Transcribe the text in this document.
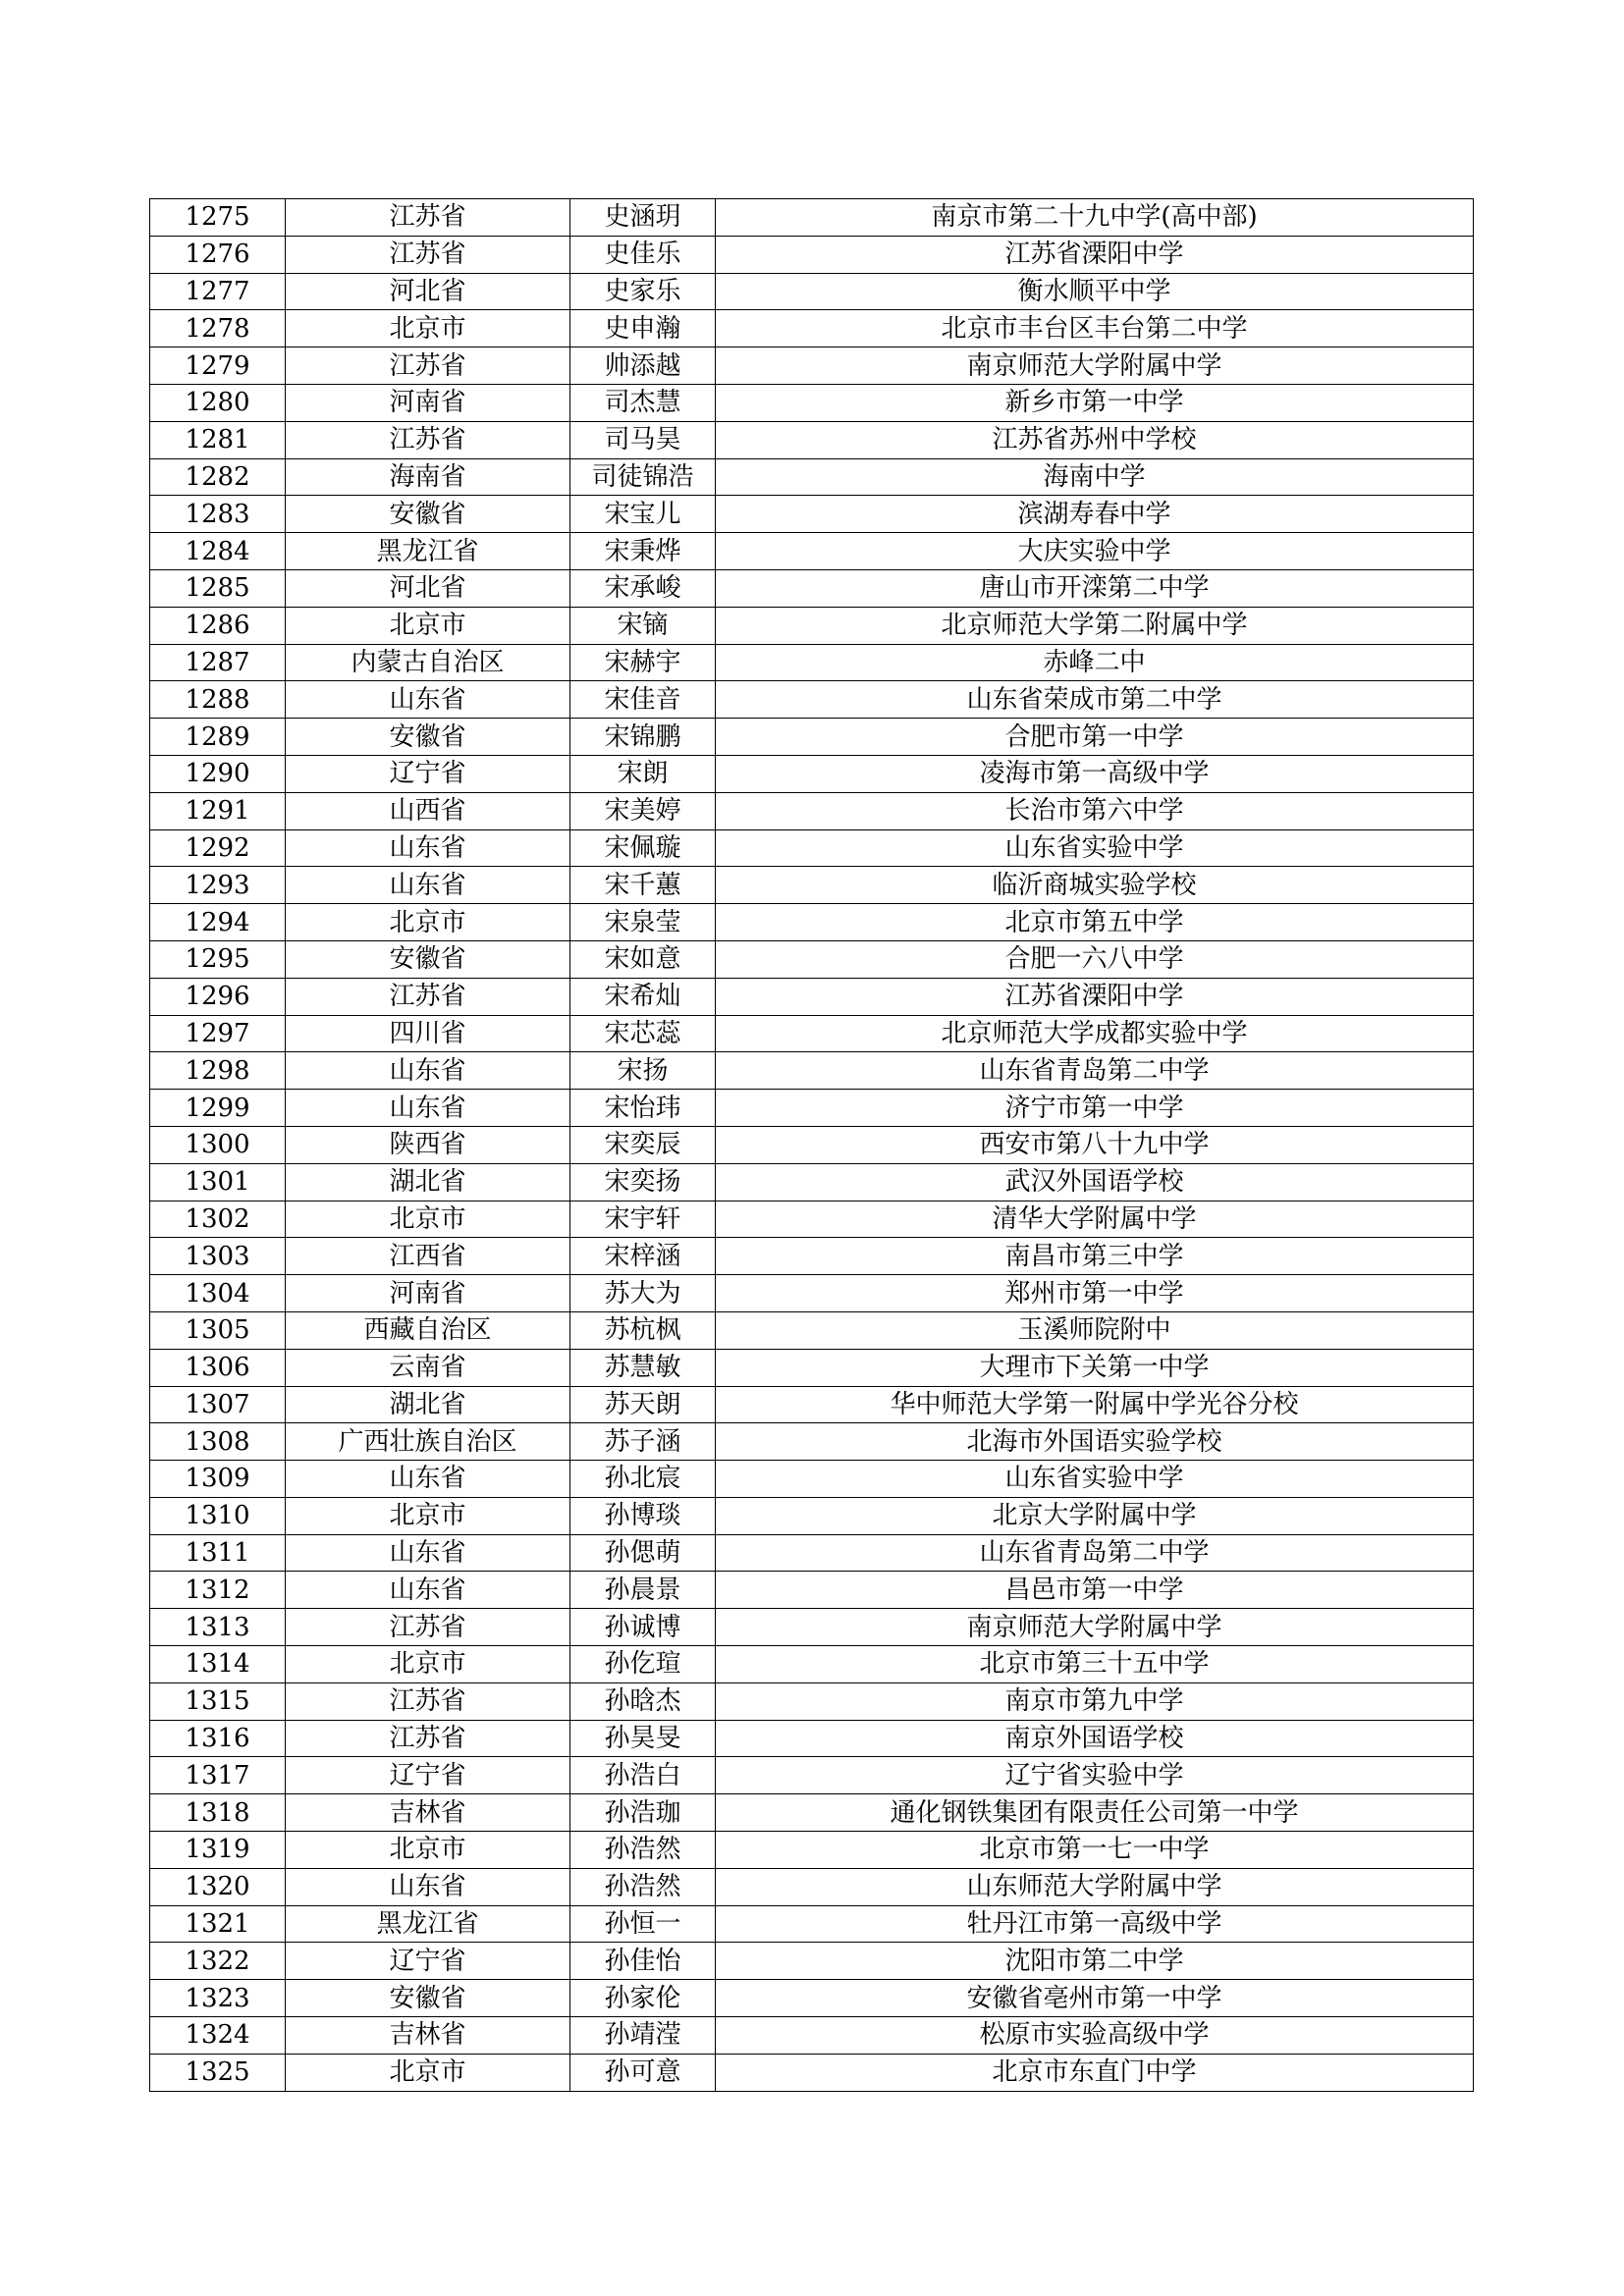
1275	江苏省	史涵玥	南京市第二十九中学(高中部)
1276	江苏省	史佳乐	江苏省溧阳中学
1277	河北省	史家乐	衡水顺平中学
1278	北京市	史申瀚	北京市丰台区丰台第二中学
1279	江苏省	帅添越	南京师范大学附属中学
1280	河南省	司杰慧	新乡市第一中学
1281	江苏省	司马昊	江苏省苏州中学校
1282	海南省	司徒锦浩	海南中学
1283	安徽省	宋宝儿	滨湖寿春中学
1284	黑龙江省	宋秉烨	大庆实验中学
1285	河北省	宋承峻	唐山市开滦第二中学
1286	北京市	宋镝	北京师范大学第二附属中学
1287	内蒙古自治区	宋赫宇	赤峰二中
1288	山东省	宋佳音	山东省荣成市第二中学
1289	安徽省	宋锦鹏	合肥市第一中学
1290	辽宁省	宋朗	凌海市第一高级中学
1291	山西省	宋美婷	长治市第六中学
1292	山东省	宋佩璇	山东省实验中学
1293	山东省	宋千蕙	临沂商城实验学校
1294	北京市	宋泉莹	北京市第五中学
1295	安徽省	宋如意	合肥一六八中学
1296	江苏省	宋希灿	江苏省溧阳中学
1297	四川省	宋芯蕊	北京师范大学成都实验中学
1298	山东省	宋扬	山东省青岛第二中学
1299	山东省	宋怡玮	济宁市第一中学
1300	陕西省	宋奕辰	西安市第八十九中学
1301	湖北省	宋奕扬	武汉外国语学校
1302	北京市	宋宇轩	清华大学附属中学
1303	江西省	宋梓涵	南昌市第三中学
1304	河南省	苏大为	郑州市第一中学
1305	西藏自治区	苏杭枫	玉溪师院附中
1306	云南省	苏慧敏	大理市下关第一中学
1307	湖北省	苏天朗	华中师范大学第一附属中学光谷分校
1308	广西壮族自治区	苏子涵	北海市外国语实验学校
1309	山东省	孙北宸	山东省实验中学
1310	北京市	孙博琰	北京大学附属中学
1311	山东省	孙偲萌	山东省青岛第二中学
1312	山东省	孙晨景	昌邑市第一中学
1313	江苏省	孙诚博	南京师范大学附属中学
1314	北京市	孙仡瑄	北京市第三十五中学
1315	江苏省	孙晗杰	南京市第九中学
1316	江苏省	孙昊旻	南京外国语学校
1317	辽宁省	孙浩白	辽宁省实验中学
1318	吉林省	孙浩珈	通化钢铁集团有限责任公司第一中学
1319	北京市	孙浩然	北京市第一七一中学
1320	山东省	孙浩然	山东师范大学附属中学
1321	黑龙江省	孙恒一	牡丹江市第一高级中学
1322	辽宁省	孙佳怡	沈阳市第二中学
1323	安徽省	孙家伦	安徽省亳州市第一中学
1324	吉林省	孙靖滢	松原市实验高级中学
1325	北京市	孙可意	北京市东直门中学
